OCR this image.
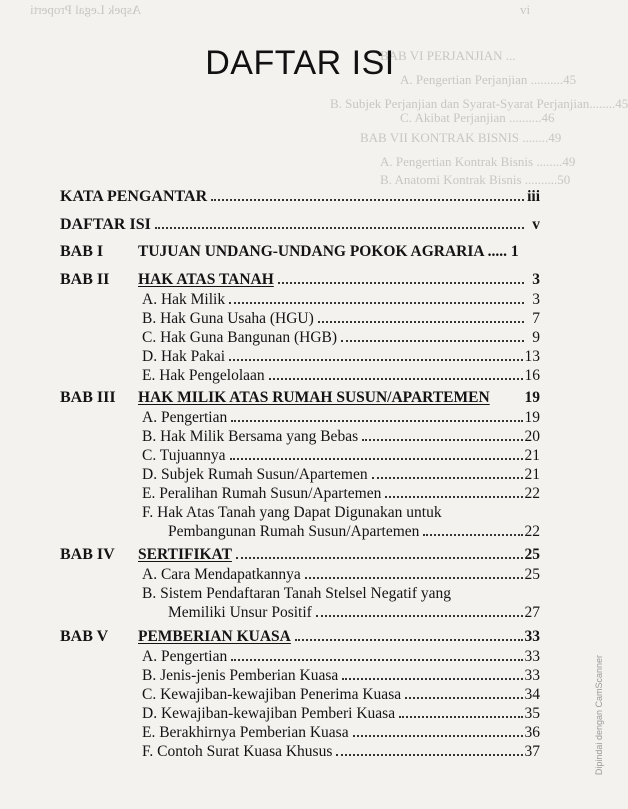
Aspek Legal Properti	vi
BAB VI PERJANJIAN ...
A. Pengertian Perjanjian ..........45
B. Subjek Perjanjian dan Syarat-Syarat Perjanjian........45
C. Akibat Perjanjian ..........46
BAB VII KONTRAK BISNIS ........49
A. Pengertian Kontrak Bisnis ........49
B. Anatomi Kontrak Bisnis ..........50
DAFTAR ISI
KATA PENGANTAR	iii
DAFTAR ISI	v
BAB I	TUJUAN UNDANG-UNDANG POKOK AGRARIA ..... 1
BAB II	HAK ATAS TANAH	3
A. Hak Milik	3
B. Hak Guna Usaha (HGU)	7
C. Hak Guna Bangunan (HGB)	9
D. Hak Pakai	13
E. Hak Pengelolaan	16
BAB III	HAK MILIK ATAS RUMAH SUSUN/APARTEMEN 19
A. Pengertian	19
B. Hak Milik Bersama yang Bebas	20
C. Tujuannya	21
D. Subjek Rumah Susun/Apartemen	21
E. Peralihan Rumah Susun/Apartemen	22
F. Hak Atas Tanah yang Dapat Digunakan untuk
Pembangunan Rumah Susun/Apartemen	22
BAB IV	SERTIFIKAT	25
A. Cara Mendapatkannya	25
B. Sistem Pendaftaran Tanah Stelsel Negatif yang
Memiliki Unsur Positif	27
BAB V	PEMBERIAN KUASA	33
A. Pengertian	33
B. Jenis-jenis Pemberian Kuasa	33
C. Kewajiban-kewajiban Penerima Kuasa	34
D. Kewajiban-kewajiban Pemberi Kuasa	35
E. Berakhirnya Pemberian Kuasa	36
F. Contoh Surat Kuasa Khusus	37	Dipindai dengan CamScanner
